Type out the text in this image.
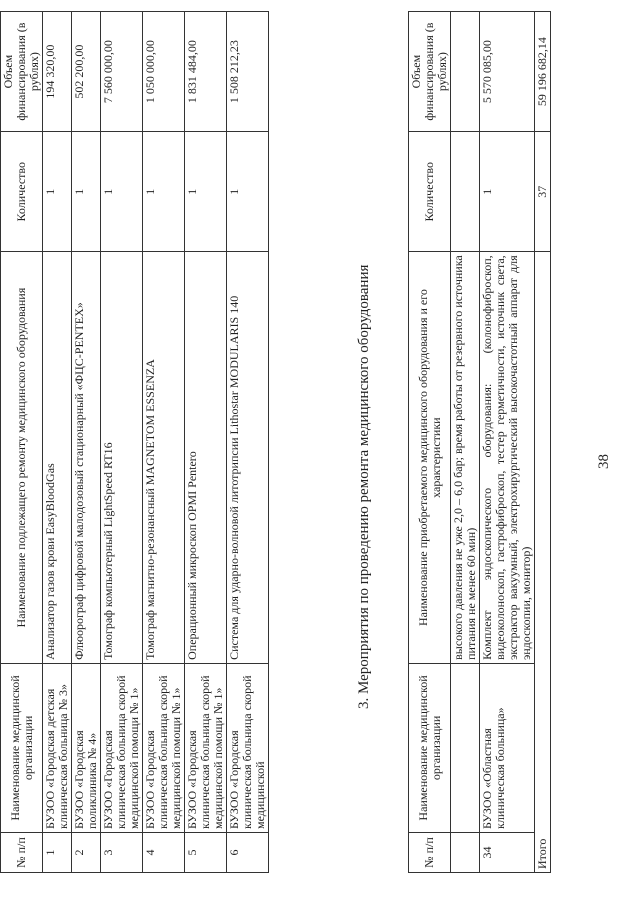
38
№ п/п	Наименование медицинской организации	Наименование приобретаемого медицинского оборудования и его характеристики	Количество	Объем финансирования (в рублях)
		высокого давления не уже 2,0 – 6,0 бар; время работы от резервного источника питания не менее 60 мин)		
34	БУЗОО «Областная клиническая больница»	Комплект эндоскопического оборудования: (колонофиброскоп, видеоколоноскоп, гастрофиброскоп, тестер герметичности, источник света, экстрактор вакуумный, электрохирургический высокочастотный аппарат для эндоскопии, монитор)	1	5 570 085,00
Итого			37	59 196 682,14
3. Мероприятия по проведению ремонта медицинского оборудования
№ п/п	Наименование медицинской организации	Наименование подлежащего ремонту медицинского оборудования	Количество	Объем финансирования (в рублях)
1	БУЗОО «Городская детская клиническая больница № 3»	Анализатор газов крови EasyBloodGas	1	194 320,00
2	БУЗОО «Городская поликлиника № 4»	Флюорограф цифровой малодозовый стационарный «ФЦС-PENTEX»	1	502 200,00
3	БУЗОО «Городская клиническая больница скорой медицинской помощи № 1»	Томограф компьютерный LightSpeed RT16	1	7 560 000,00
4	БУЗОО «Городская клиническая больница скорой медицинской помощи № 1»	Томограф магнитно-резонансный MAGNETOM ESSENZA	1	1 050 000,00
5	БУЗОО «Городская клиническая больница скорой медицинской помощи № 1»	Операционный микроскоп OPMI Pentero	1	1 831 484,00
6	БУЗОО «Городская клиническая больница скорой медицинской	Система для ударно-волновой литотрипсии Lithostar MODULARIS 140	1	1 508 212,23
